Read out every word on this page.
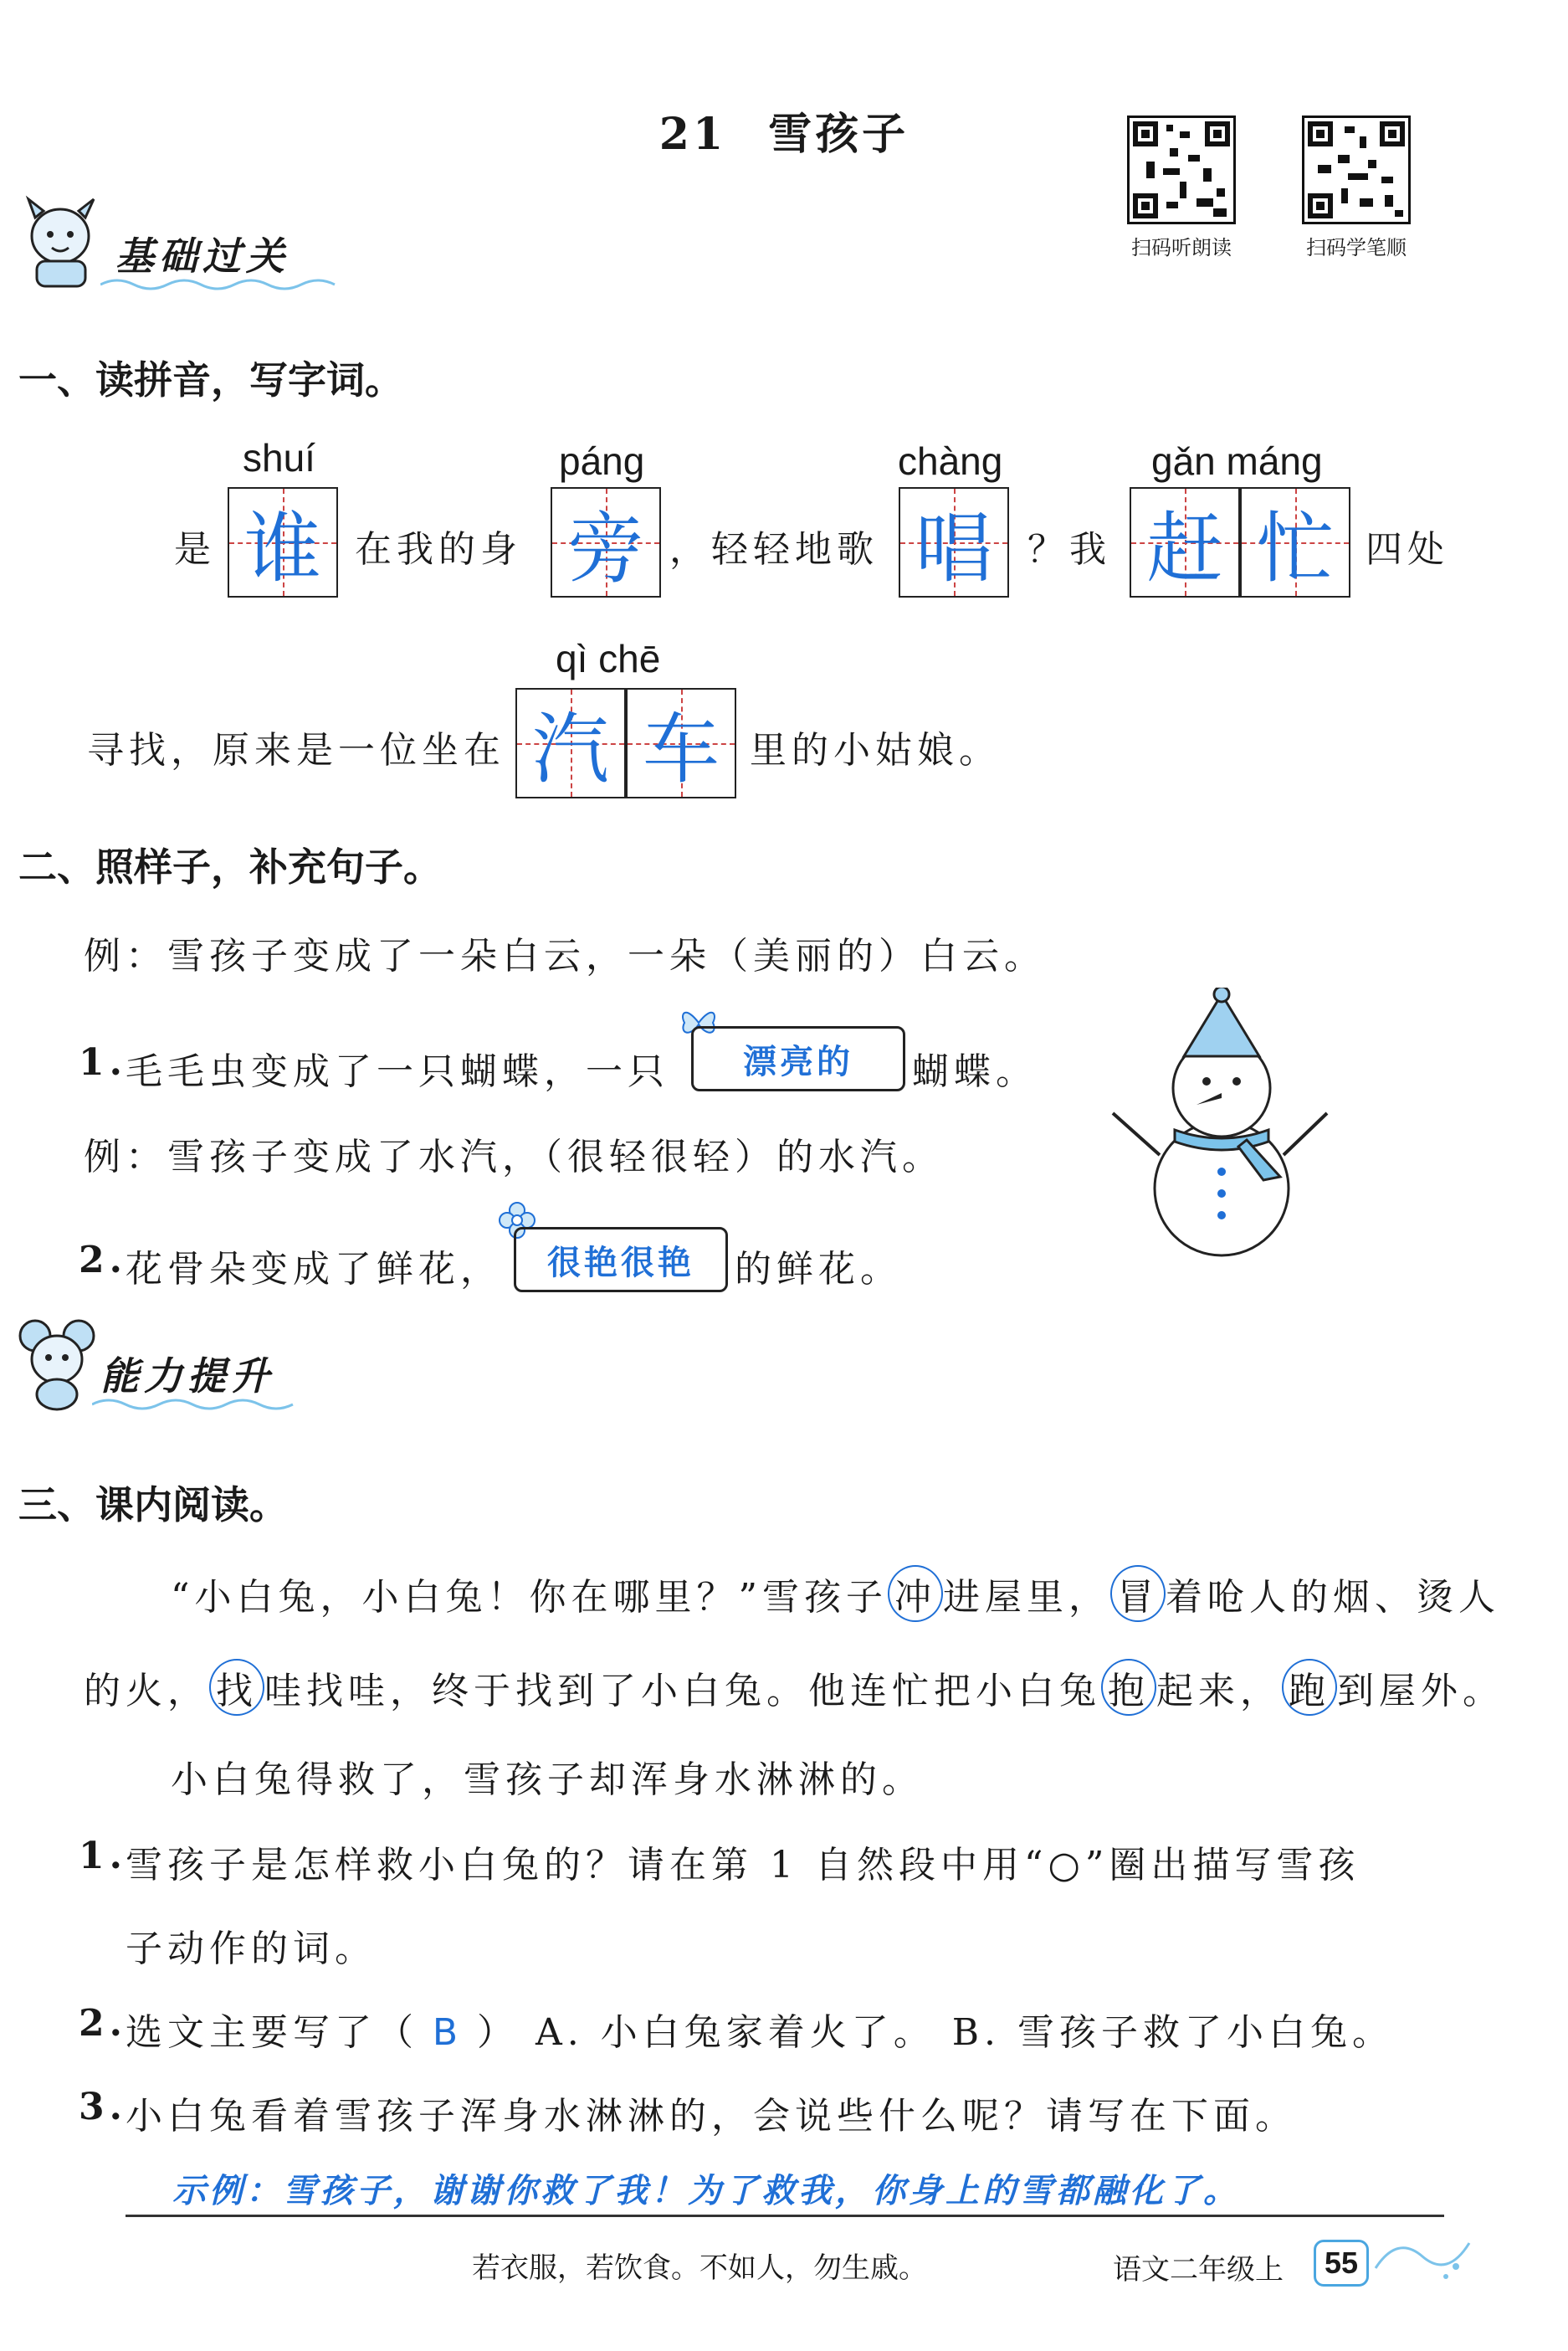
21 雪孩子
扫码听朗读	扫码学笔顺
基础过关
一、读拼音，写字词。
shuí	páng	chàng	gǎn máng
是 谁 在我的身 旁 ，轻轻地歌 唱 ？我 赶 忙 四处
qì chē
寻找，原来是一位坐在 汽 车 里的小姑娘。
二、照样子，补充句子。
例：雪孩子变成了一朵白云，一朵（美丽的）白云。
1.
毛毛虫变成了一只蝴蝶，一只	漂亮的	蝴蝶。
例：雪孩子变成了水汽，（很轻很轻）的水汽。
2.
花骨朵变成了鲜花，	很艳很艳	的鲜花。
能力提升
三、课内阅读。
“小白兔，小白兔！你在哪里？”雪孩子 冲 进屋里， 冒 着呛人的烟、烫人
的火， 找 哇找哇，终于找到了小白兔。他连忙把小白兔 抱 起来， 跑 到屋外。
小白兔得救了，雪孩子却浑身水淋淋的。
1.
雪孩子是怎样救小白兔的？请在第 1 自然段中用“○”圈出描写雪孩
子动作的词。
2.
选文主要写了（ B ） A. 小白兔家着火了。 B. 雪孩子救了小白兔。
3.
小白兔看着雪孩子浑身水淋淋的，会说些什么呢？请写在下面。
示例：雪孩子，谢谢你救了我！为了救我，你身上的雪都融化了。
若衣服，若饮食。不如人，勿生戚。	语文二年级上	55
